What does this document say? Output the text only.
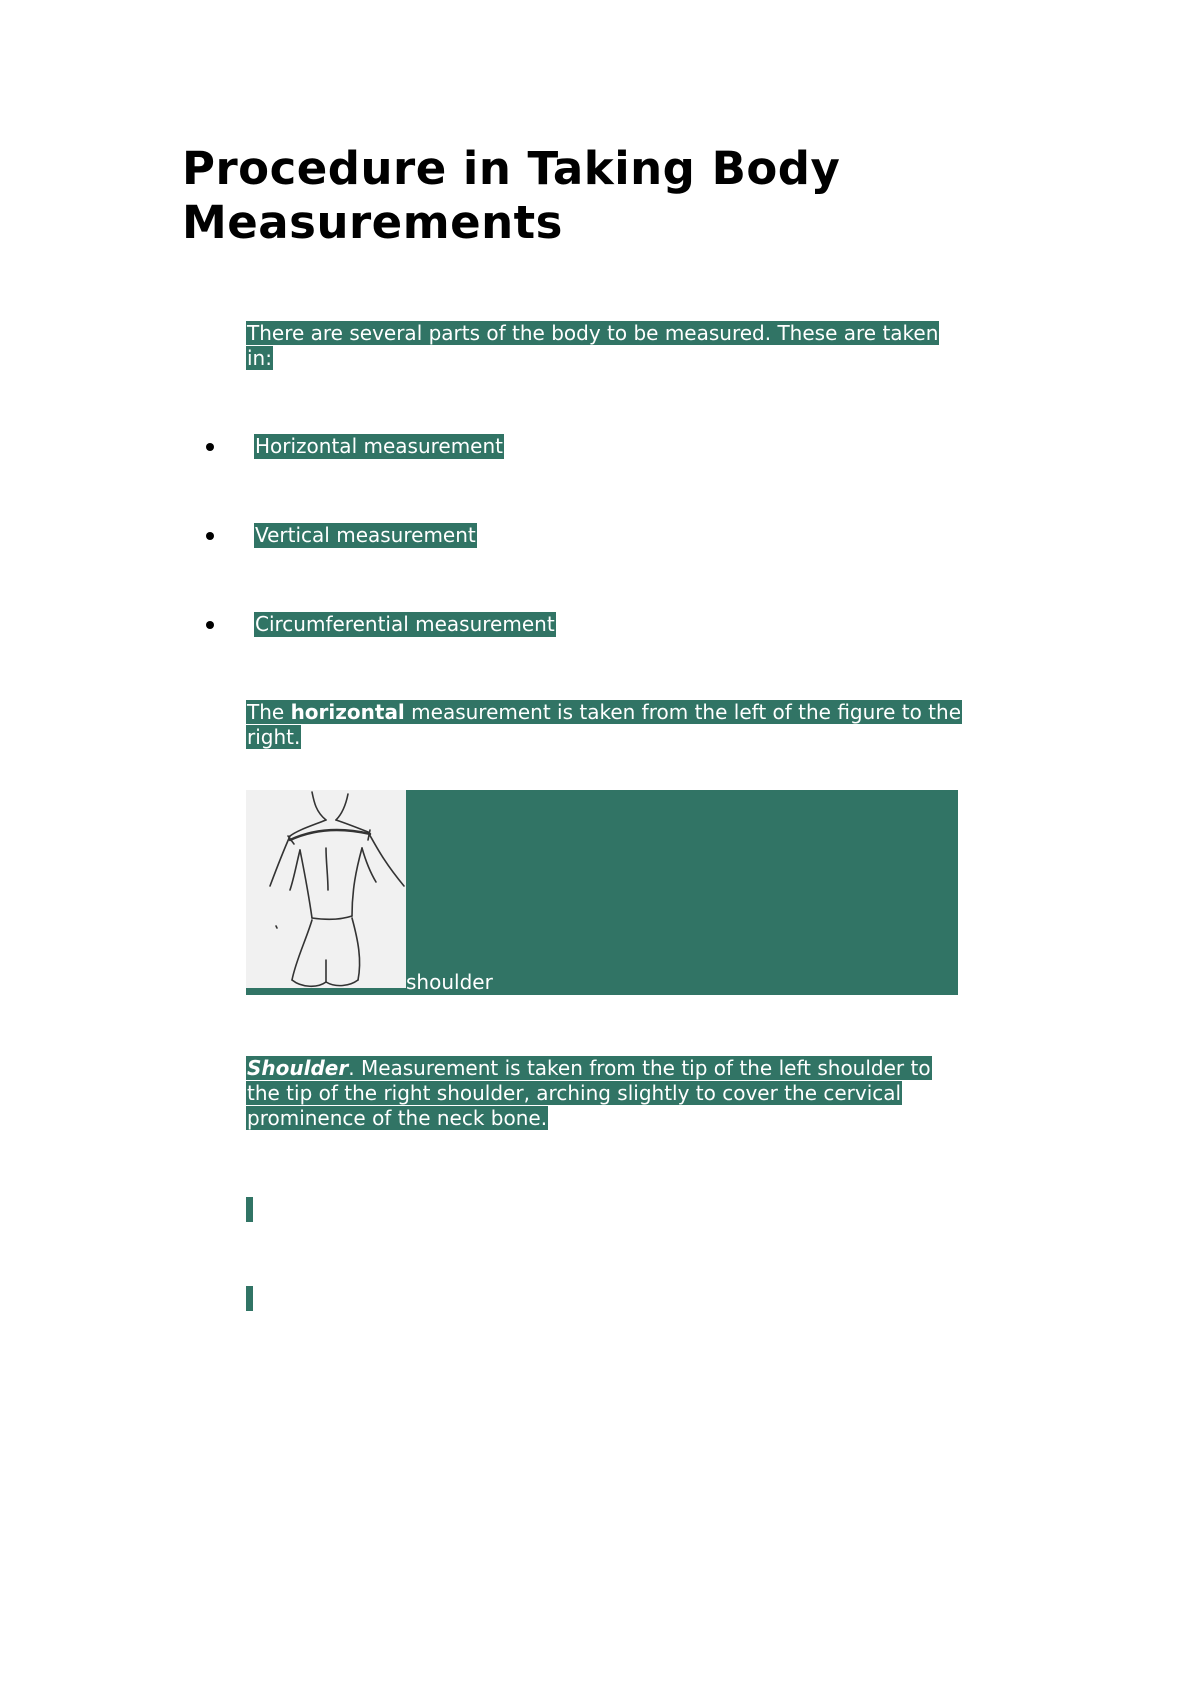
Procedure in Taking Body Measurements

There are several parts of the body to be measured. These are taken in:

Horizontal measurement
Vertical measurement
Circumferential measurement

The horizontal measurement is taken from the left of the figure to the right.

shoulder

Shoulder. Measurement is taken from the tip of the left shoulder to the tip of the right shoulder, arching slightly to cover the cervical prominence of the neck bone.
